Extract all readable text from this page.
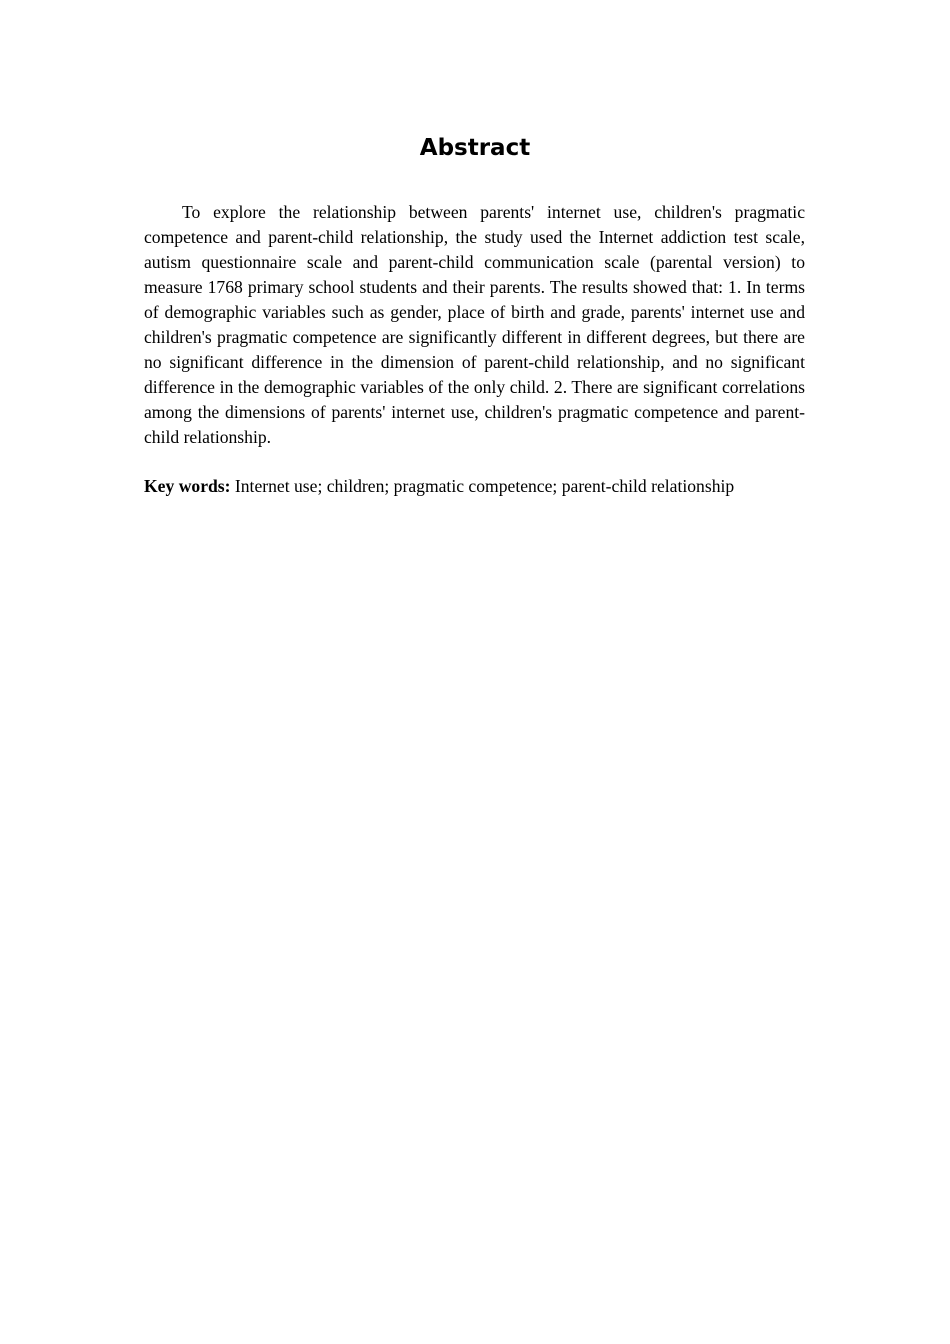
Abstract

To explore the relationship between parents' internet use, children's pragmatic competence and parent-child relationship, the study used the Internet addiction test scale, autism questionnaire scale and parent-child communication scale (parental version) to measure 1768 primary school students and their parents. The results showed that: 1. In terms of demographic variables such as gender, place of birth and grade, parents' internet use and children's pragmatic competence are significantly different in different degrees, but there are no significant difference in the dimension of parent-child relationship, and no significant difference in the demographic variables of the only child. 2. There are significant correlations among the dimensions of parents' internet use, children's pragmatic competence and parent-child relationship.

Key words: Internet use; children; pragmatic competence; parent-child relationship
